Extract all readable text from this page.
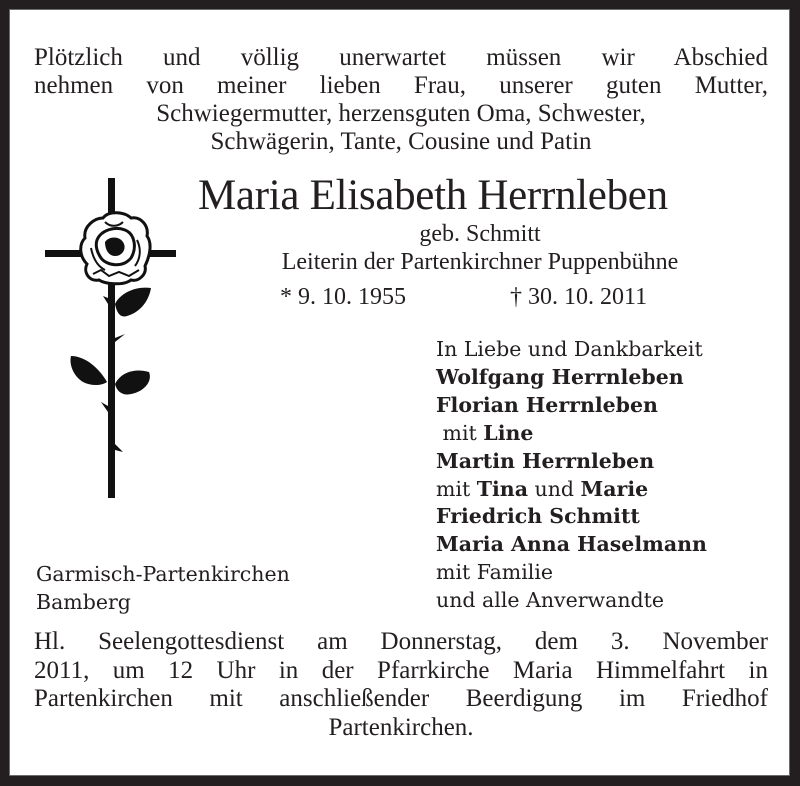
Plötzlich und völlig unerwartet müssen wir Abschied
nehmen von meiner lieben Frau, unserer guten Mutter,
Schwiegermutter, herzensguten Oma, Schwester,
Schwägerin, Tante, Cousine und Patin
Maria Elisabeth Herrnleben
geb. Schmitt
Leiterin der Partenkirchner Puppenbühne
* 9. 10. 1955	† 30. 10. 2011
In Liebe und Dankbarkeit
Wolfgang Herrnleben
Florian Herrnleben
mit Line
Martin Herrnleben
mit Tina und Marie
Friedrich Schmitt
Maria Anna Haselmann
mit Familie
und alle Anverwandte
Garmisch-Partenkirchen
Bamberg
Hl. Seelengottesdienst am Donnerstag, dem 3. November
2011, um 12 Uhr in der Pfarrkirche Maria Himmelfahrt in
Partenkirchen mit anschließender Beerdigung im Friedhof
Partenkirchen.
